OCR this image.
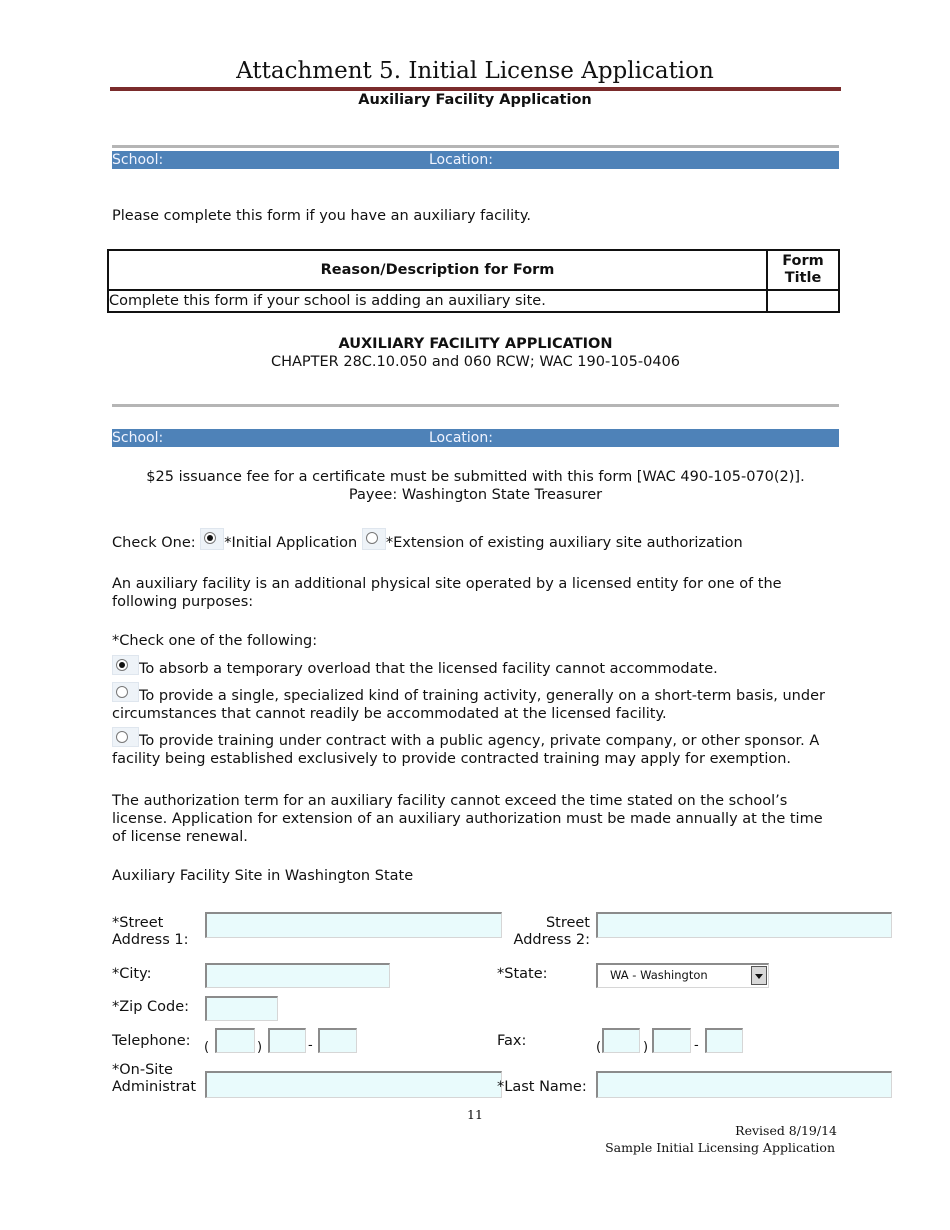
Attachment 5. Initial License Application
Auxiliary Facility Application
School:	Location:
Please complete this form if you have an auxiliary facility.
Reason/Description for Form	Form
Title

Complete this form if your school is adding an auxiliary site.	
AUXILIARY FACILITY APPLICATION
CHAPTER 28C.10.050 and 060 RCW; WAC 190-105-0406
School:	Location:
$25 issuance fee for a certificate must be submitted with this form [WAC 490-105-070(2)].
Payee: Washington State Treasurer
Check One: *Initial Application *Extension of existing auxiliary site authorization
An auxiliary facility is an additional physical site operated by a licensed entity for one of the following purposes:
*Check one of the following:
To absorb a temporary overload that the licensed facility cannot accommodate.
To provide a single, specialized kind of training activity, generally on a short-term basis, under circumstances that cannot readily be accommodated at the licensed facility.
To provide training under contract with a public agency, private company, or other sponsor. A facility being established exclusively to provide contracted training may apply for exemption.
The authorization term for an auxiliary facility cannot exceed the time stated on the school’s license. Application for extension of an auxiliary authorization must be made annually at the time of license renewal.
Auxiliary Facility Site in Washington State
*Street
Address 1:
Street
Address 2:
*City:	*State:	WA - Washington
*Zip Code:
Telephone: (	)	-	Fax:	(	)	-
*On-Site
Administrat	*Last Name:
11
Revised 8/19/14
Sample Initial Licensing Application
